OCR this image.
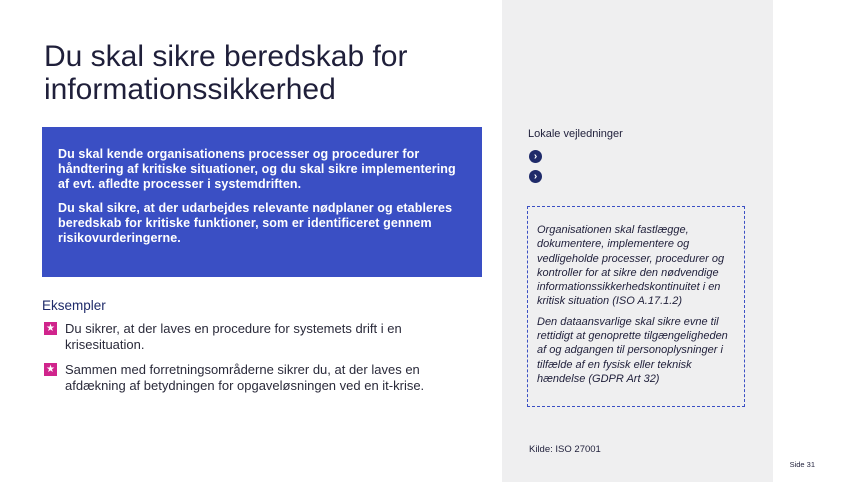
Du skal sikre beredskab for informationssikkerhed

Du skal kende organisationens processer og procedurer for håndtering af kritiske situationer, og du skal sikre implementering af evt. afledte processer i systemdriften.

Du skal sikre, at der udarbejdes relevante nødplaner og etableres beredskab for kritiske funktioner, som er identificeret gennem risikovurderingerne.

Eksempler
★ Du sikrer, at der laves en procedure for systemets drift i en krisesituation.
★ Sammen med forretningsområderne sikrer du, at der laves en afdækning af betydningen for opgaveløsningen ved en it-krise.
Lokale vejledninger
›
›

Organisationen skal fastlægge, dokumentere, implementere og vedligeholde processer, procedurer og kontroller for at sikre den nødvendige informationssikkerhedskontinuitet i en kritisk situation (ISO A.17.1.2)

Den dataansvarlige skal sikre evne til rettidigt at genoprette tilgængeligheden af og adgangen til personoplysninger i tilfælde af en fysisk eller teknisk hændelse (GDPR Art 32)

Kilde: ISO 27001
Side 31
